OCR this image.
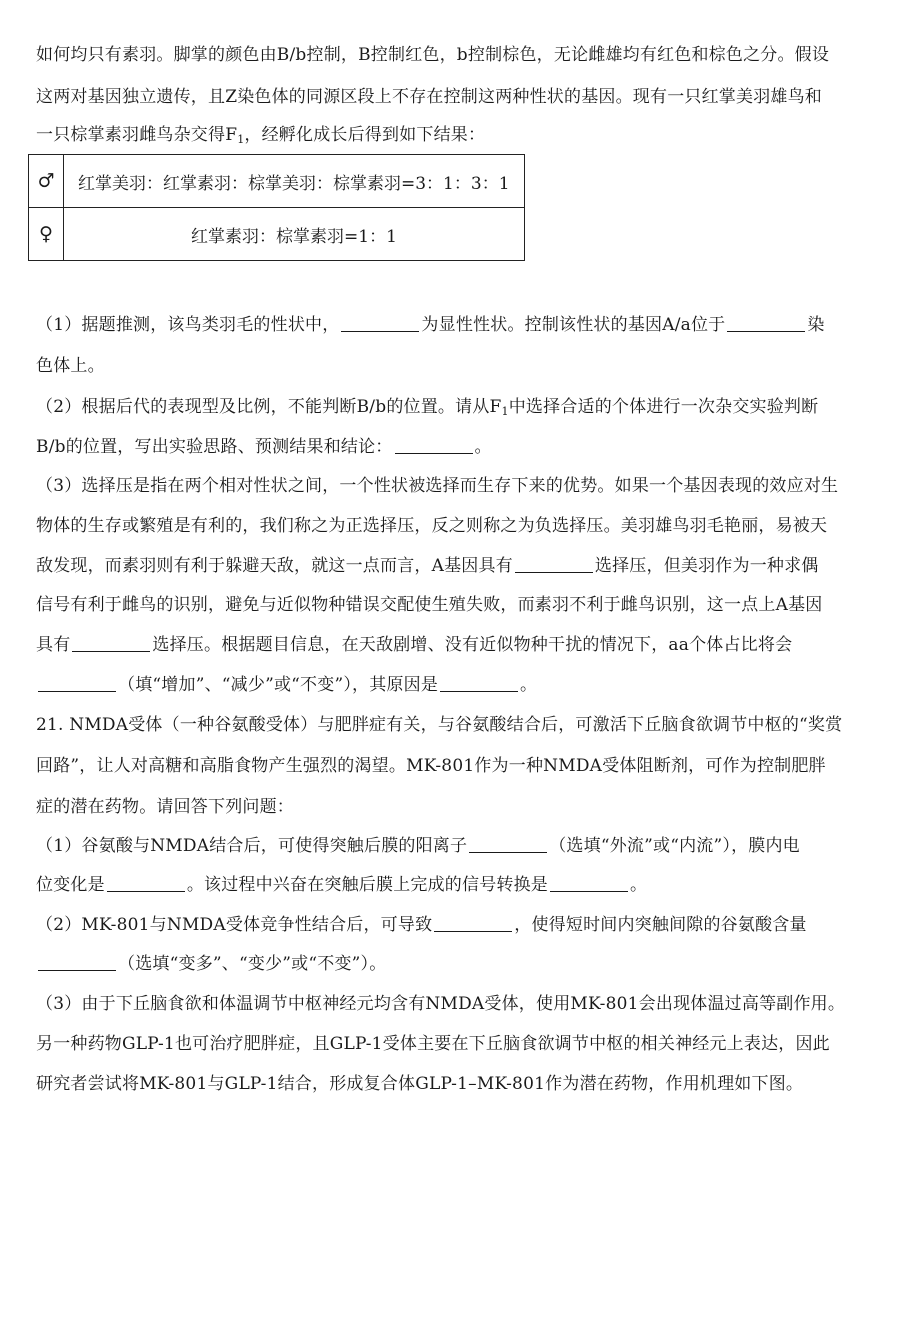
如何均只有素羽。脚掌的颜色由B/b控制，B控制红色，b控制棕色，无论雌雄均有红色和棕色之分。假设
这两对基因独立遗传，且Z染色体的同源区段上不存在控制这两种性状的基因。现有一只红掌美羽雄鸟和
一只棕掌素羽雌鸟杂交得$F_1$，经孵化成长后得到如下结果：
♂	红掌美羽：红掌素羽：棕掌美羽：棕掌素羽=3：1：3：1
♀	红掌素羽：棕掌素羽=1：1
（1）据题推测，该鸟类羽毛的性状中，	为显性性状。控制该性状的基因A/a位于	染
色体上。
（2）根据后代的表现型及比例，不能判断B/b的位置。请从$F_1$中选择合适的个体进行一次杂交实验判断
B/b的位置，写出实验思路、预测结果和结论：	。
（3）选择压是指在两个相对性状之间，一个性状被选择而生存下来的优势。如果一个基因表现的效应对生
物体的生存或繁殖是有利的，我们称之为正选择压，反之则称之为负选择压。美羽雄鸟羽毛艳丽，易被天
敌发现，而素羽则有利于躲避天敌，就这一点而言，A基因具有	选择压，但美羽作为一种求偶
信号有利于雌鸟的识别，避免与近似物种错误交配使生殖失败，而素羽不利于雌鸟识别，这一点上A基因
具有	选择压。根据题目信息，在天敌剧增、没有近似物种干扰的情况下，aa个体占比将会
（填“增加”、“减少”或“不变”），其原因是	。
21. NMDA受体（一种谷氨酸受体）与肥胖症有关，与谷氨酸结合后，可激活下丘脑食欲调节中枢的“奖赏
回路”，让人对高糖和高脂食物产生强烈的渴望。MK-801作为一种NMDA受体阻断剂，可作为控制肥胖
症的潜在药物。请回答下列问题：
（1）谷氨酸与NMDA结合后，可使得突触后膜的阳离子	（选填“外流”或“内流”），膜内电
位变化是	。该过程中兴奋在突触后膜上完成的信号转换是	。
（2）MK-801与NMDA受体竞争性结合后，可导致	，使得短时间内突触间隙的谷氨酸含量
（选填“变多”、“变少”或“不变”）。
（3）由于下丘脑食欲和体温调节中枢神经元均含有NMDA受体，使用MK-801会出现体温过高等副作用。
另一种药物GLP-1也可治疗肥胖症，且GLP-1受体主要在下丘脑食欲调节中枢的相关神经元上表达，因此
研究者尝试将MK-801与GLP-1结合，形成复合体GLP-1–MK-801作为潜在药物，作用机理如下图。
